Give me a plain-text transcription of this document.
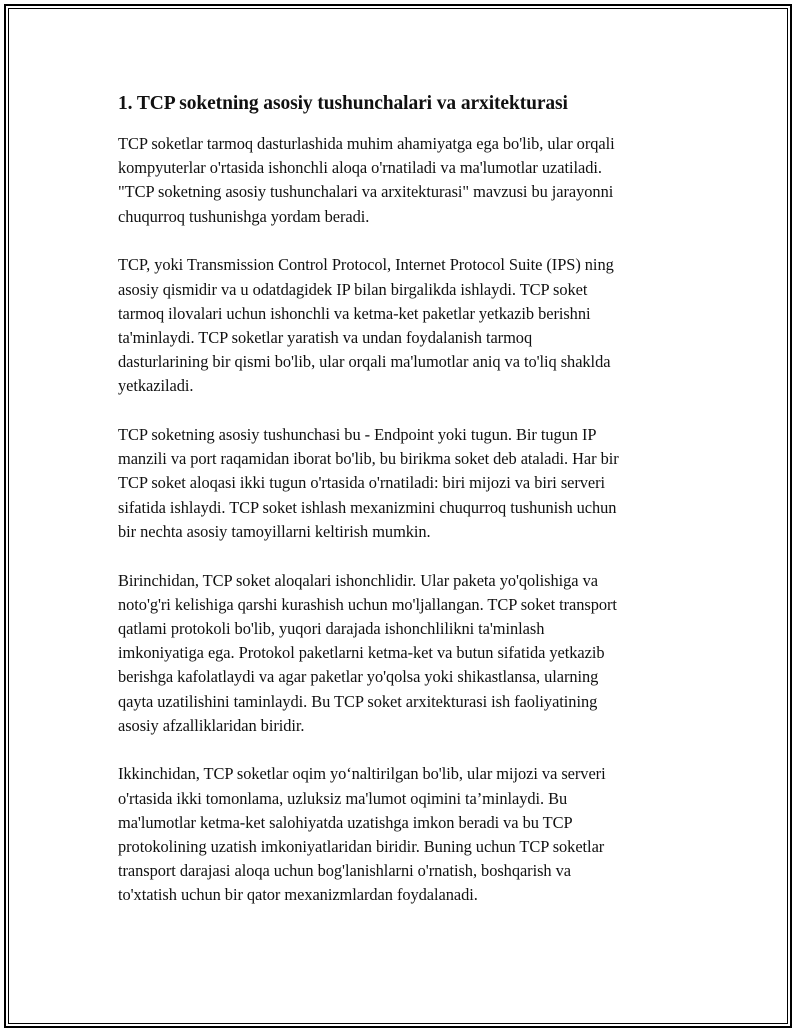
1. TCP soketning asosiy tushunchalari va arxitekturasi

TCP soketlar tarmoq dasturlashida muhim ahamiyatga ega bo'lib, ular orqali
kompyuterlar o'rtasida ishonchli aloqa o'rnatiladi va ma'lumotlar uzatiladi.
"TCP soketning asosiy tushunchalari va arxitekturasi" mavzusi bu jarayonni
chuqurroq tushunishga yordam beradi.

TCP, yoki Transmission Control Protocol, Internet Protocol Suite (IPS) ning
asosiy qismidir va u odatdagidek IP bilan birgalikda ishlaydi. TCP soket
tarmoq ilovalari uchun ishonchli va ketma-ket paketlar yetkazib berishni
ta'minlaydi. TCP soketlar yaratish va undan foydalanish tarmoq
dasturlarining bir qismi bo'lib, ular orqali ma'lumotlar aniq va to'liq shaklda
yetkaziladi.

TCP soketning asosiy tushunchasi bu - Endpoint yoki tugun. Bir tugun IP
manzili va port raqamidan iborat bo'lib, bu birikma soket deb ataladi. Har bir
TCP soket aloqasi ikki tugun o'rtasida o'rnatiladi: biri mijozi va biri serveri
sifatida ishlaydi. TCP soket ishlash mexanizmini chuqurroq tushunish uchun
bir nechta asosiy tamoyillarni keltirish mumkin.

Birinchidan, TCP soket aloqalari ishonchlidir. Ular paketa yo'qolishiga va
noto'g'ri kelishiga qarshi kurashish uchun mo'ljallangan. TCP soket transport
qatlami protokoli bo'lib, yuqori darajada ishonchlilikni ta'minlash
imkoniyatiga ega. Protokol paketlarni ketma-ket va butun sifatida yetkazib
berishga kafolatlaydi va agar paketlar yo'qolsa yoki shikastlansa, ularning
qayta uzatilishini taminlaydi. Bu TCP soket arxitekturasi ish faoliyatining
asosiy afzalliklaridan biridir.

Ikkinchidan, TCP soketlar oqim yo‘naltirilgan bo'lib, ular mijozi va serveri
o'rtasida ikki tomonlama, uzluksiz ma'lumot oqimini ta’minlaydi. Bu
ma'lumotlar ketma-ket salohiyatda uzatishga imkon beradi va bu TCP
protokolining uzatish imkoniyatlaridan biridir. Buning uchun TCP soketlar
transport darajasi aloqa uchun bog'lanishlarni o'rnatish, boshqarish va
to'xtatish uchun bir qator mexanizmlardan foydalanadi.
